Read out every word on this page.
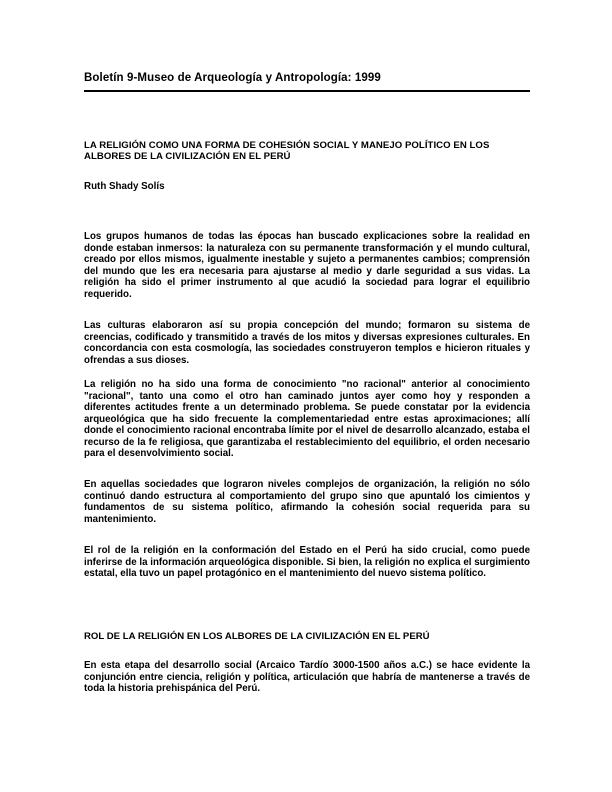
Boletín 9-Museo de Arqueología y Antropología: 1999
LA RELIGIÓN COMO UNA FORMA DE COHESIÓN SOCIAL Y MANEJO POLÍTICO EN LOS ALBORES DE LA CIVILIZACIÓN EN EL PERÚ
Ruth Shady Solís

Los grupos humanos de todas las épocas han buscado explicaciones sobre la realidad en donde estaban inmersos: la naturaleza con su permanente transformación y el mundo cultural, creado por ellos mismos, igualmente inestable y sujeto a permanentes cambios; comprensión del mundo que les era necesaria para ajustarse al medio y darle seguridad a sus vidas. La religión ha sido el primer instrumento al que acudió la sociedad para lograr el equilibrio requerido.

Las culturas elaboraron así su propia concepción del mundo; formaron su sistema de creencias, codificado y transmitido a través de los mitos y diversas expresiones culturales. En concordancia con esta cosmología, las sociedades construyeron templos e hicieron rituales y ofrendas a sus dioses.

La religión no ha sido una forma de conocimiento "no racional" anterior al conocimiento "racional", tanto una como el otro han caminado juntos ayer como hoy y responden a diferentes actitudes frente a un determinado problema. Se puede constatar por la evidencia arqueológica que ha sido frecuente la complementariedad entre estas aproximaciones; allí donde el conocimiento racional encontraba límite por el nivel de desarrollo alcanzado, estaba el recurso de la fe religiosa, que garantizaba el restablecimiento del equilibrio, el orden necesario para el desenvolvimiento social.

En aquellas sociedades que lograron niveles complejos de organización, la religión no sólo continuó dando estructura al comportamiento del grupo sino que apuntaló los cimientos y fundamentos de su sistema político, afirmando la cohesión social requerida para su mantenimiento.

El rol de la religión en la conformación del Estado en el Perú ha sido crucial, como puede inferirse de la información arqueológica disponible. Si bien, la religión no explica el surgimiento estatal, ella tuvo un papel protagónico en el mantenimiento del nuevo sistema político.

ROL DE LA RELIGIÓN EN LOS ALBORES DE LA CIVILIZACIÓN EN EL PERÚ

En esta etapa del desarrollo social (Arcaico Tardío 3000-1500 años a.C.) se hace evidente la conjunción entre ciencia, religión y política, articulación que habría de mantenerse a través de toda la historia prehispánica del Perú.
